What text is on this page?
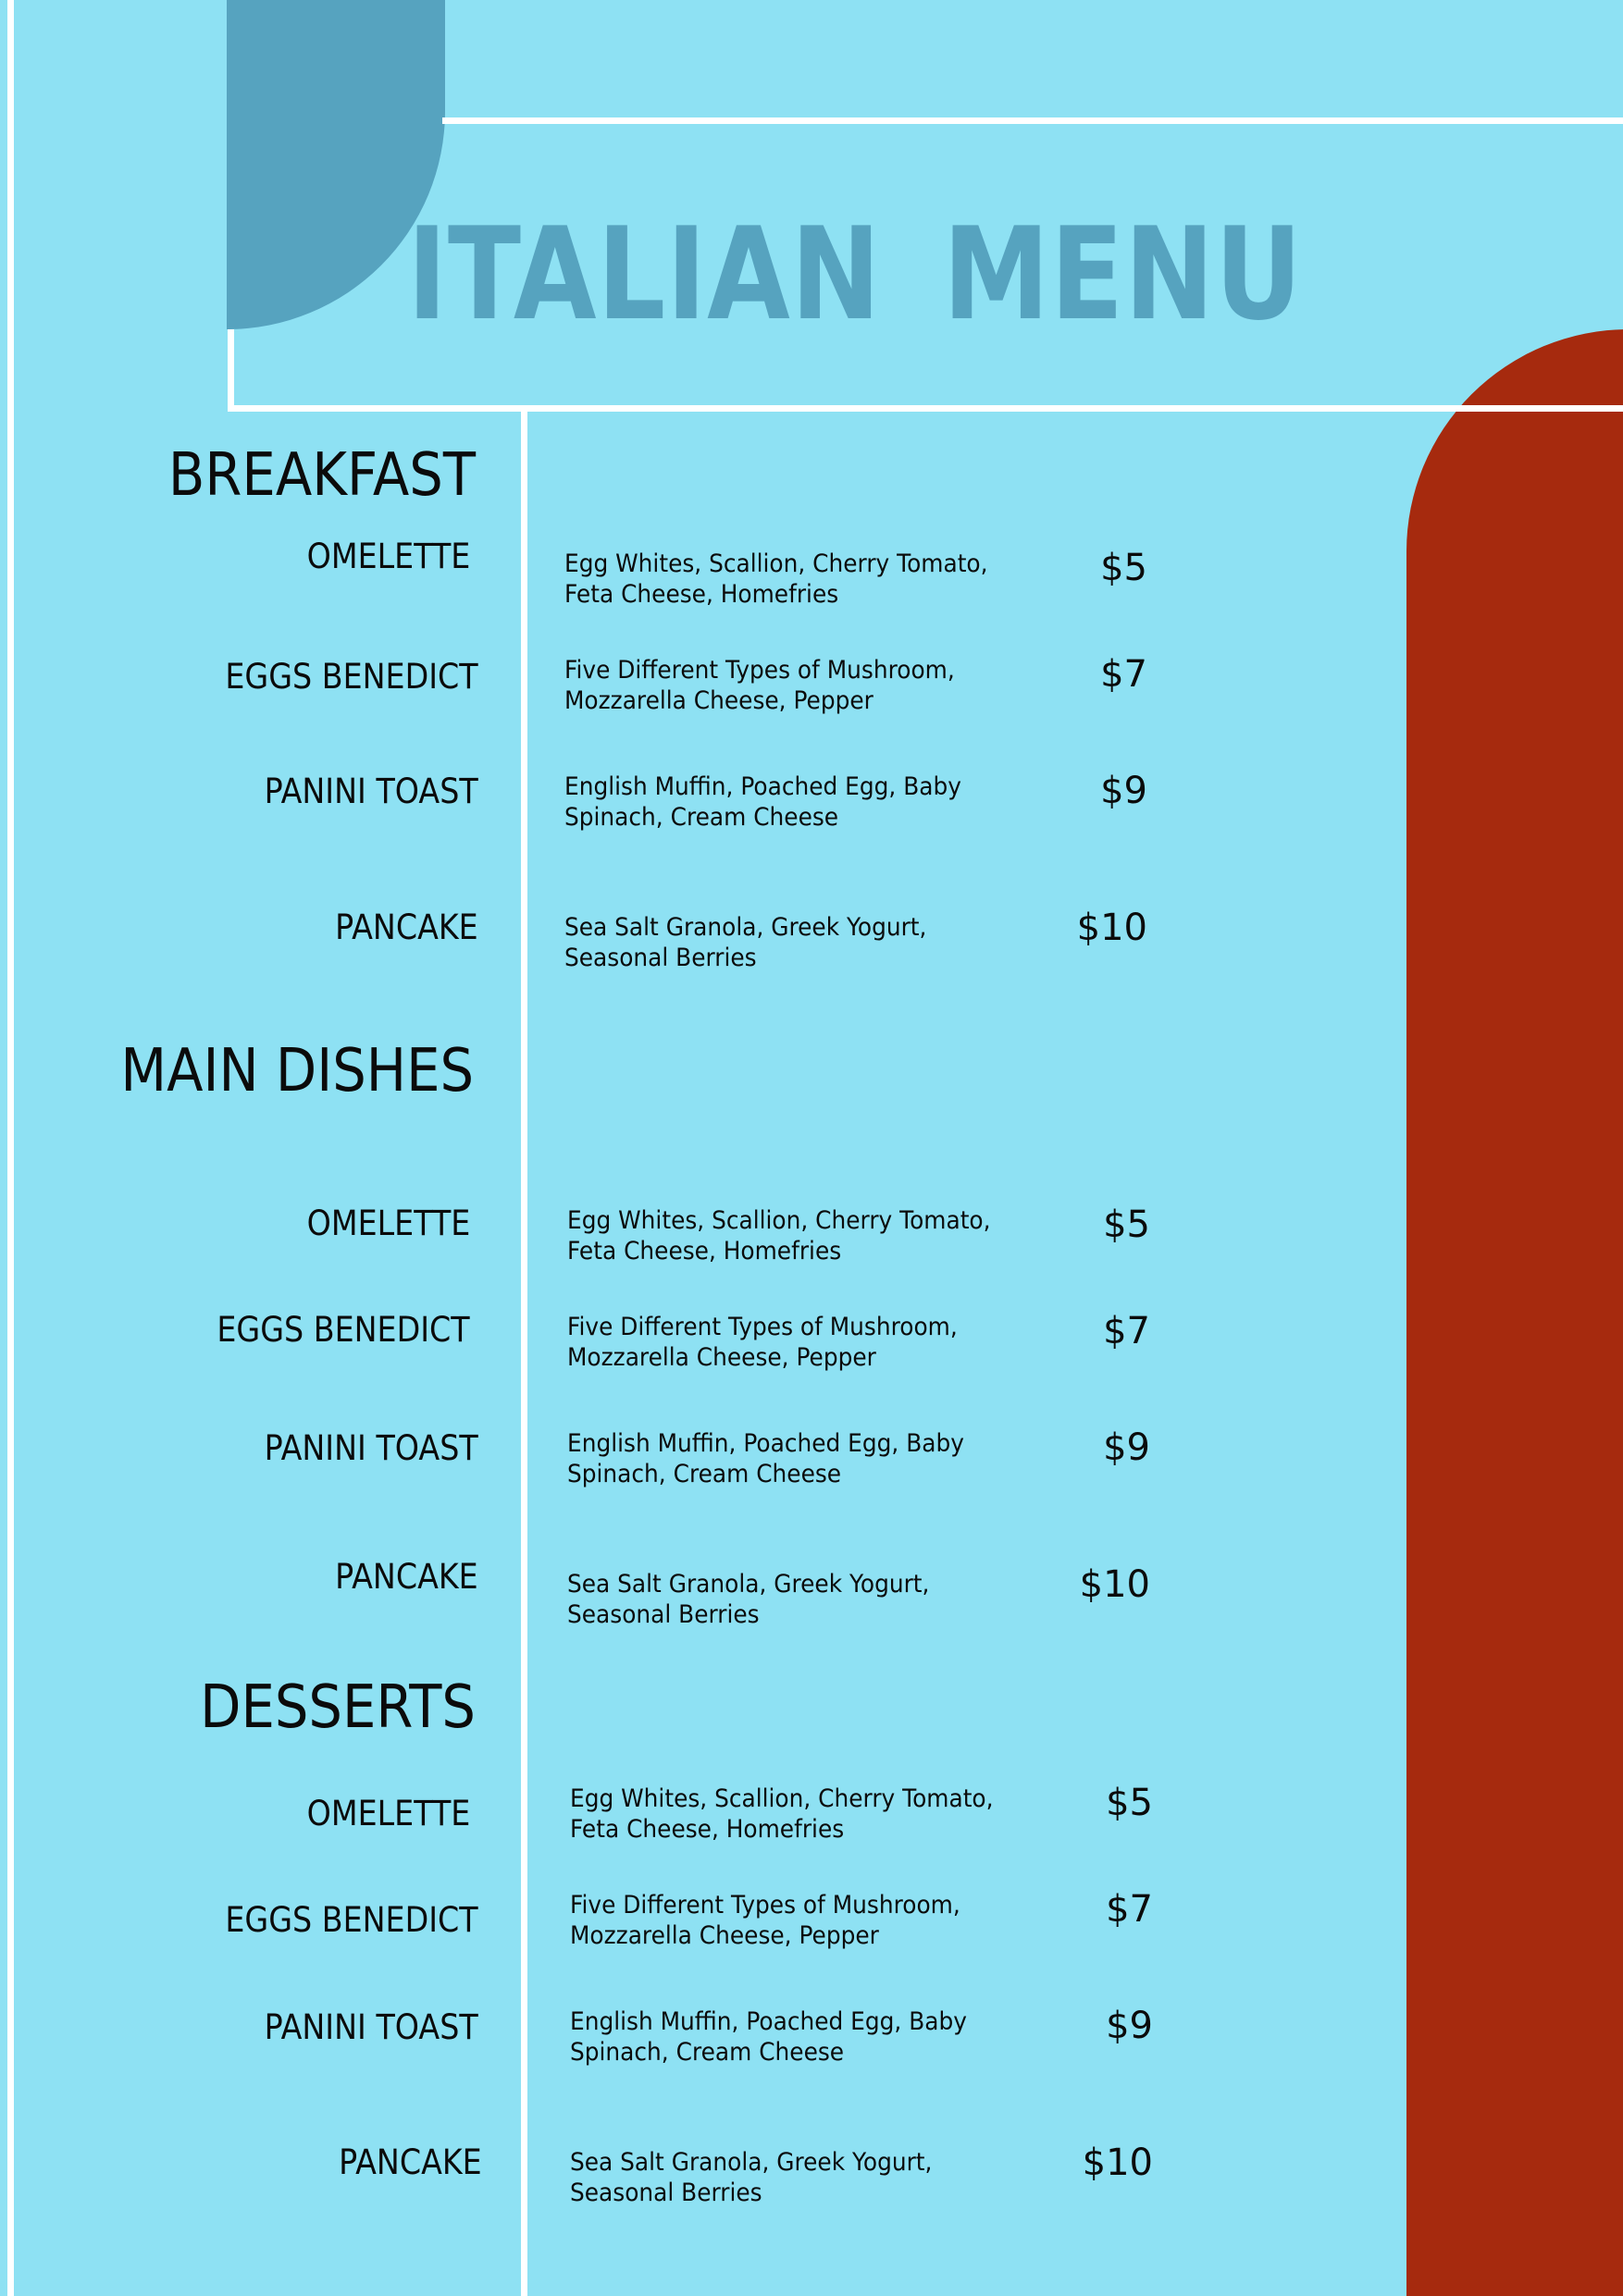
ITALIAN MENU
BREAKFAST
OMELETTE	Egg Whites, Scallion, Cherry Tomato,
Feta Cheese, Homefries
$5
EGGS BENEDICT	Five Different Types of Mushroom,
Mozzarella Cheese, Pepper
$7
PANINI TOAST	English Muffin, Poached Egg, Baby
Spinach, Cream Cheese
$9
PANCAKE	Sea Salt Granola, Greek Yogurt,
Seasonal Berries
$10
MAIN DISHES
OMELETTE	Egg Whites, Scallion, Cherry Tomato,
Feta Cheese, Homefries
$5
EGGS BENEDICT	Five Different Types of Mushroom,
Mozzarella Cheese, Pepper
$7
PANINI TOAST	English Muffin, Poached Egg, Baby
Spinach, Cream Cheese
$9
PANCAKE	Sea Salt Granola, Greek Yogurt,
Seasonal Berries
$10
DESSERTS
OMELETTE	Egg Whites, Scallion, Cherry Tomato,
Feta Cheese, Homefries
$5
EGGS BENEDICT	Five Different Types of Mushroom,
Mozzarella Cheese, Pepper
$7
PANINI TOAST	English Muffin, Poached Egg, Baby
Spinach, Cream Cheese
$9
PANCAKE	Sea Salt Granola, Greek Yogurt,
Seasonal Berries
$10
